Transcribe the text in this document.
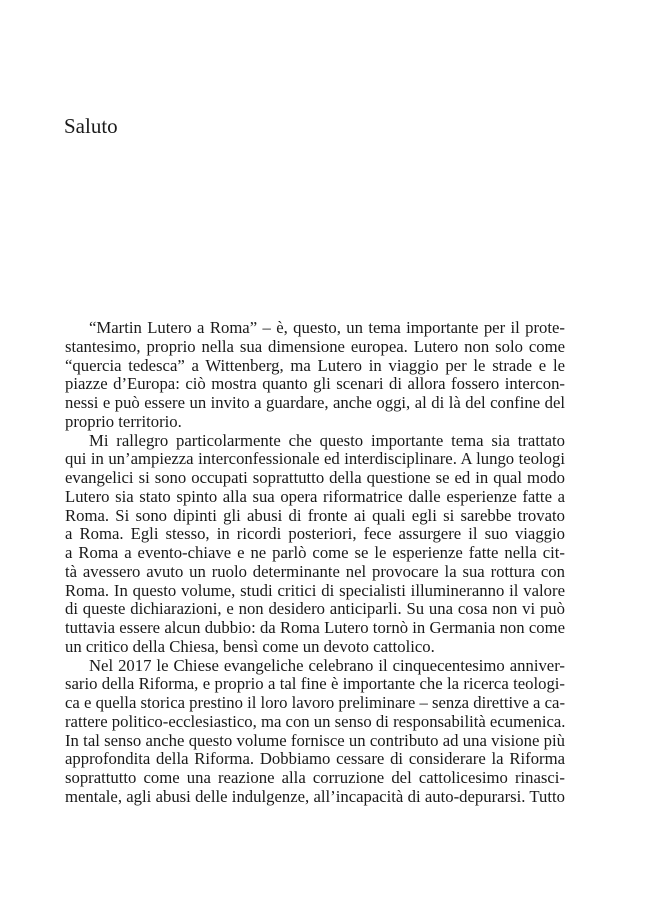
Saluto
“Martin Lutero a Roma” – è, questo, un tema importante per il prote-
stantesimo, proprio nella sua dimensione europea. Lutero non solo come
“quercia tedesca” a Wittenberg, ma Lutero in viaggio per le strade e le
piazze d’Europa: ciò mostra quanto gli scenari di allora fossero intercon-
nessi e può essere un invito a guardare, anche oggi, al di là del confine del
proprio territorio.
Mi rallegro particolarmente che questo importante tema sia trattato
qui in un’ampiezza interconfessionale ed interdisciplinare. A lungo teologi
evangelici si sono occupati soprattutto della questione se ed in qual modo
Lutero sia stato spinto alla sua opera riformatrice dalle esperienze fatte a
Roma. Si sono dipinti gli abusi di fronte ai quali egli si sarebbe trovato
a Roma. Egli stesso, in ricordi posteriori, fece assurgere il suo viaggio
a Roma a evento-chiave e ne parlò come se le esperienze fatte nella cit-
tà avessero avuto un ruolo determinante nel provocare la sua rottura con
Roma. In questo volume, studi critici di specialisti illumineranno il valore
di queste dichiarazioni, e non desidero anticiparli. Su una cosa non vi può
tuttavia essere alcun dubbio: da Roma Lutero tornò in Germania non come
un critico della Chiesa, bensì come un devoto cattolico.
Nel 2017 le Chiese evangeliche celebrano il cinquecentesimo anniver-
sario della Riforma, e proprio a tal fine è importante che la ricerca teologi-
ca e quella storica prestino il loro lavoro preliminare – senza direttive a ca-
rattere politico-ecclesiastico, ma con un senso di responsabilità ecumenica.
In tal senso anche questo volume fornisce un contributo ad una visione più
approfondita della Riforma. Dobbiamo cessare di considerare la Riforma
soprattutto come una reazione alla corruzione del cattolicesimo rinasci-
mentale, agli abusi delle indulgenze, all’incapacità di auto-depurarsi. Tutto
